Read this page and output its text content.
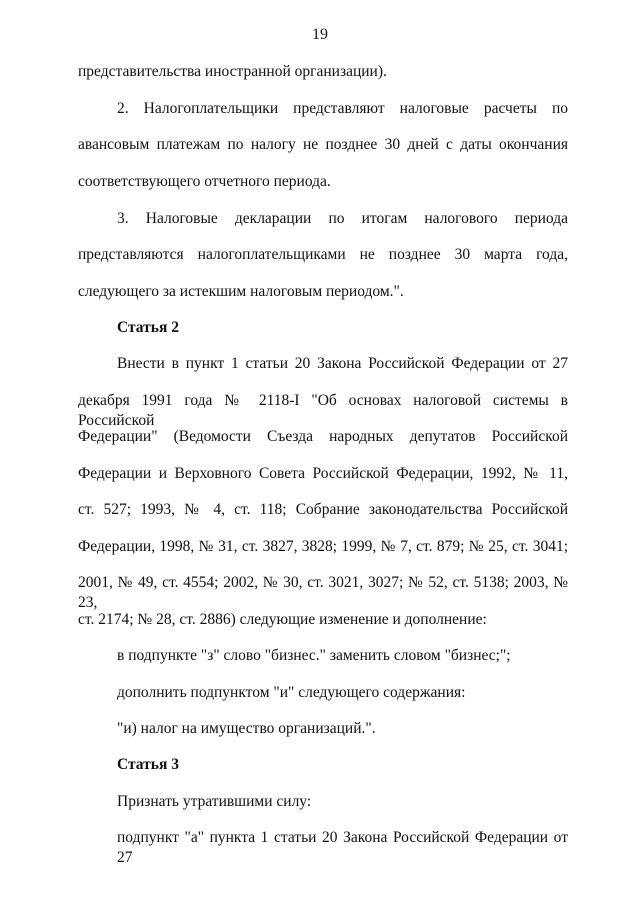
19
представительства иностранной организации).
2. Налогоплательщики представляют налоговые расчеты по
авансовым платежам по налогу не позднее 30 дней с даты окончания
соответствующего отчетного периода.
3. Налоговые декларации по итогам налогового периода
представляются налогоплательщиками не позднее 30 марта года,
следующего за истекшим налоговым периодом.".
Статья 2
Внести в пункт 1 статьи 20 Закона Российской Федерации от 27
декабря 1991 года № 2118-I "Об основах налоговой системы в Российской
Федерации" (Ведомости Съезда народных депутатов Российской
Федерации и Верховного Совета Российской Федерации, 1992, № 11,
ст. 527; 1993, № 4, ст. 118; Собрание законодательства Российской
Федерации, 1998, № 31, ст. 3827, 3828; 1999, № 7, ст. 879; № 25, ст. 3041;
2001, № 49, ст. 4554; 2002, № 30, ст. 3021, 3027; № 52, ст. 5138; 2003, № 23,
ст. 2174; № 28, ст. 2886) следующие изменение и дополнение:
в подпункте "з" слово "бизнес." заменить словом "бизнес;";
дополнить подпунктом "и" следующего содержания:
"и) налог на имущество организаций.".
Статья 3
Признать утратившими силу:
подпункт "а" пункта 1 статьи 20 Закона Российской Федерации от 27
